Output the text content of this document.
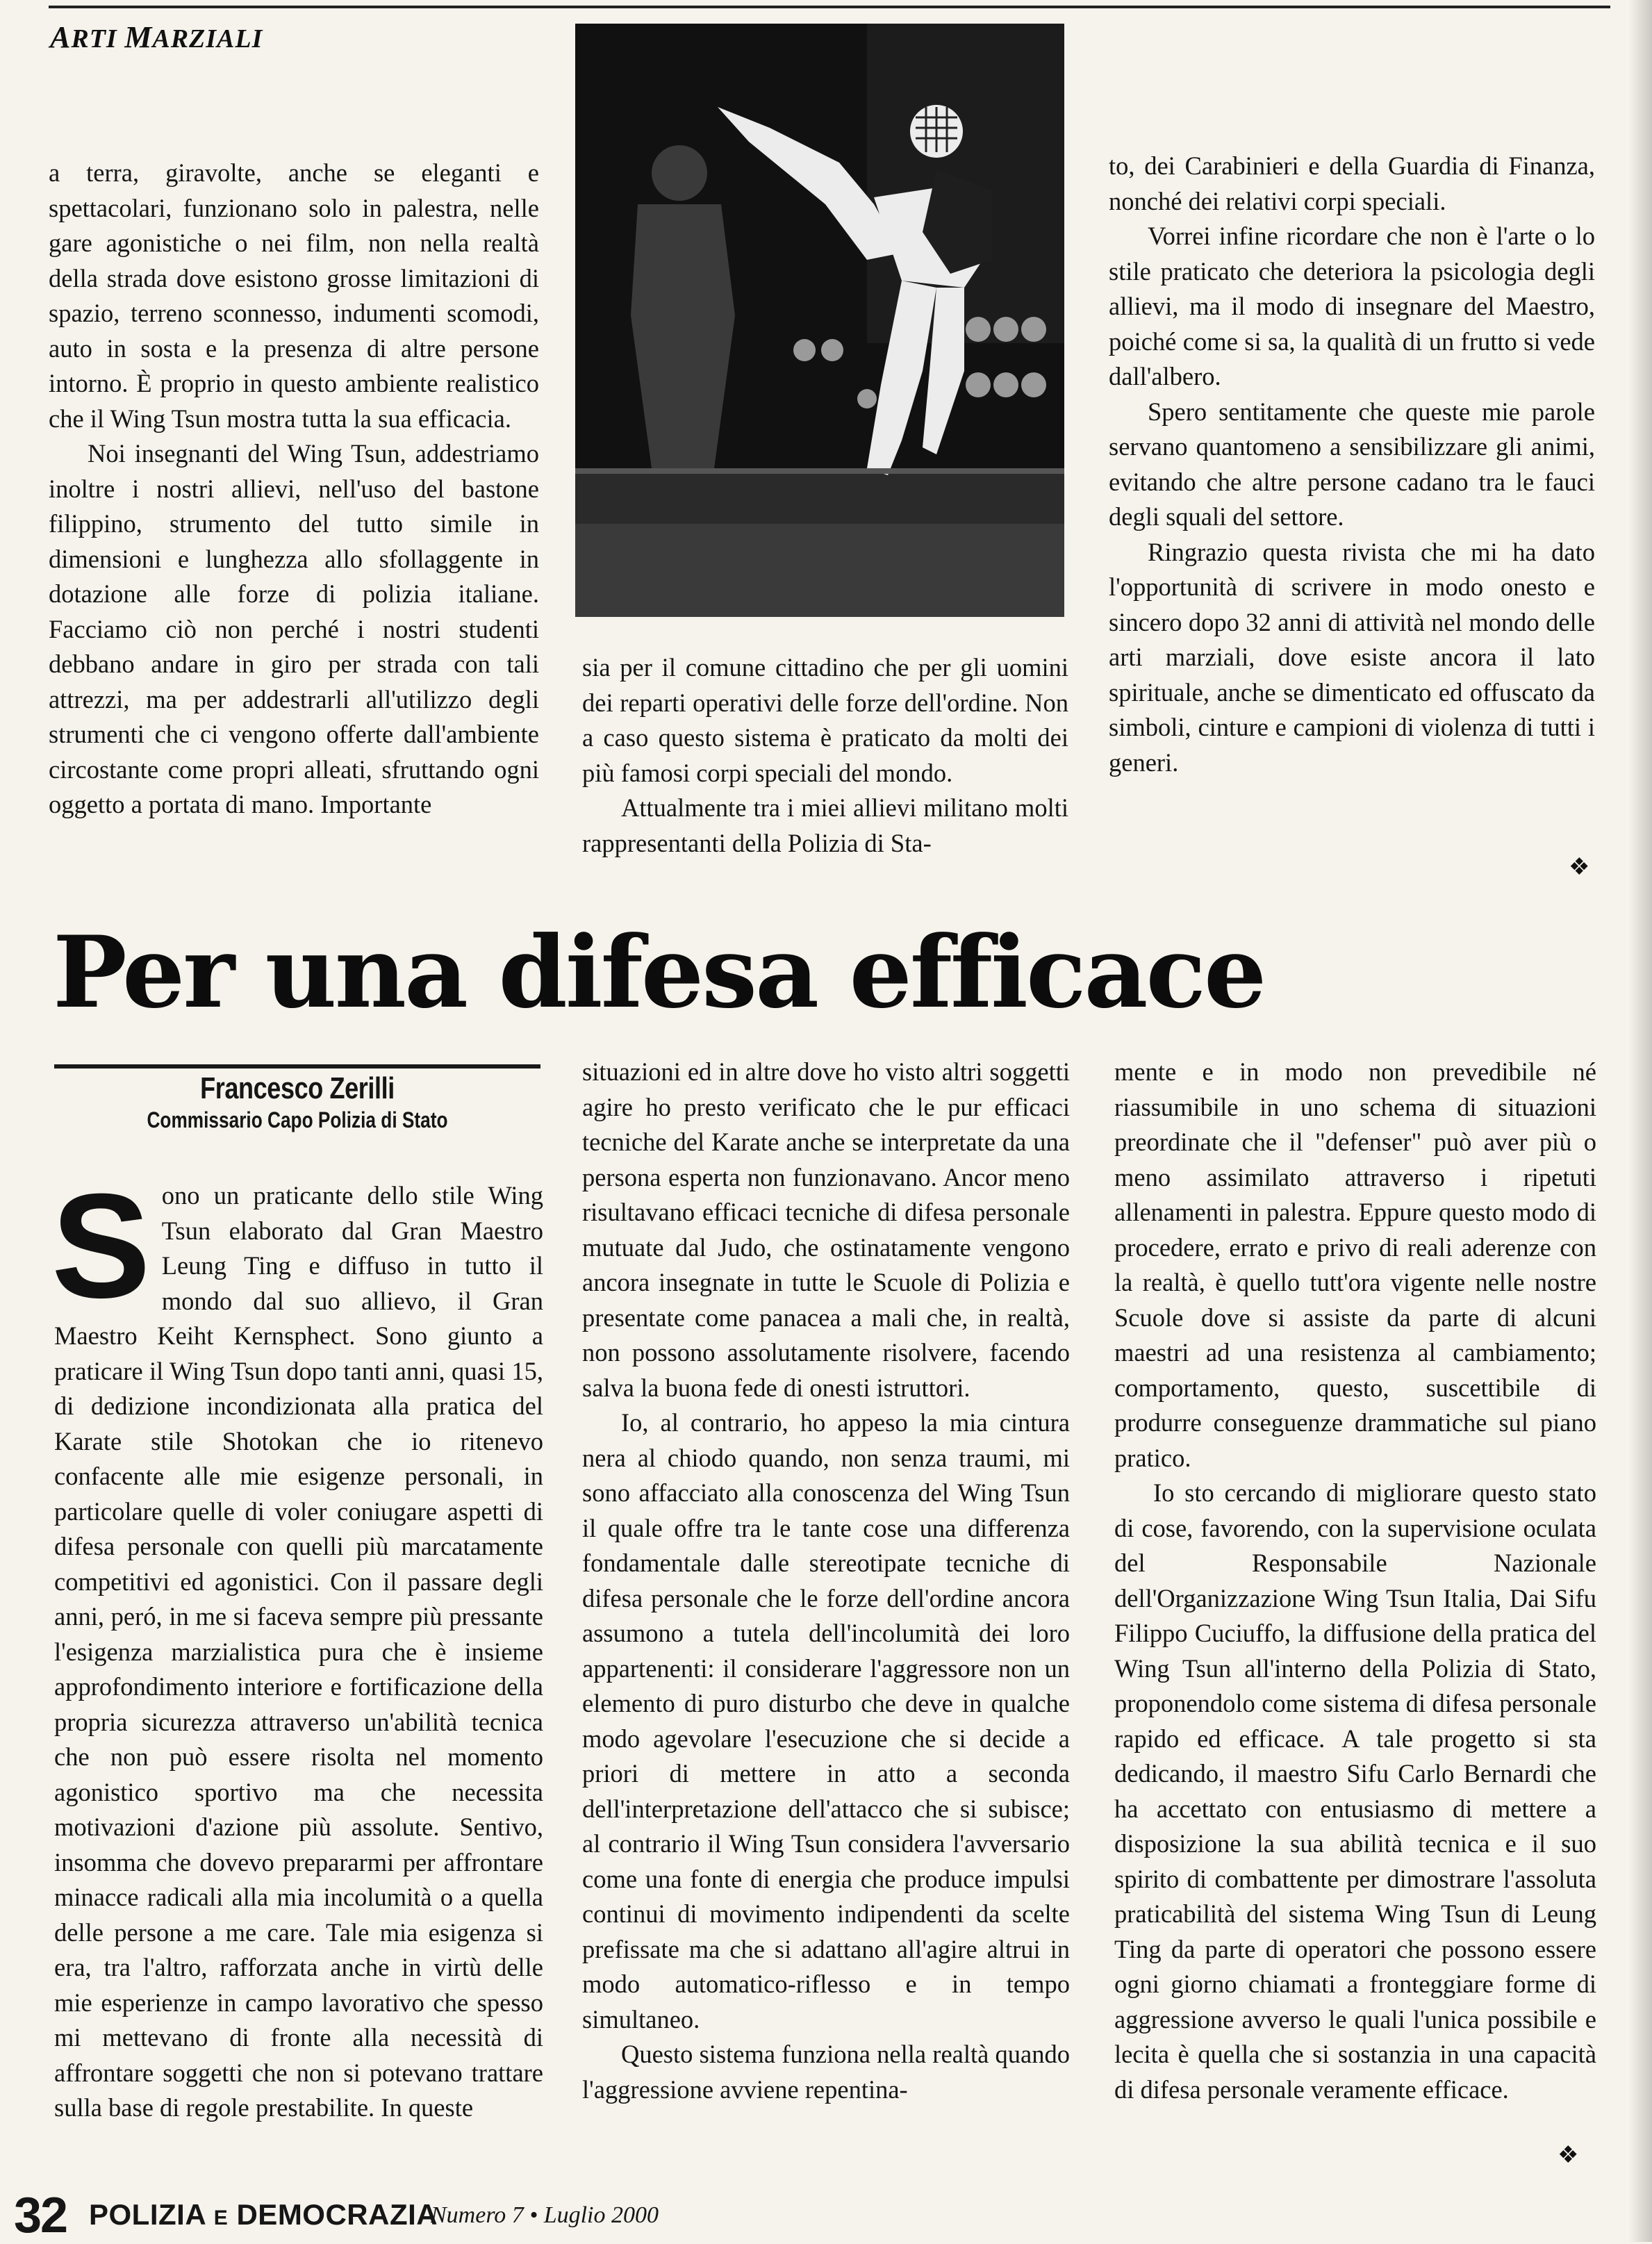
ARTI MARZIALI

a terra, giravolte, anche se eleganti e spettacolari, funzionano solo in palestra, nelle gare agonistiche o nei film, non nella realtà della strada dove esistono grosse limitazioni di spazio, terreno sconnesso, indumenti scomodi, auto in sosta e la presenza di altre persone intorno. È proprio in questo ambiente realistico che il Wing Tsun mostra tutta la sua efficacia.

Noi insegnanti del Wing Tsun, addestriamo inoltre i nostri allievi, nell'uso del bastone filippino, strumento del tutto simile in dimensioni e lunghezza allo sfollaggente in dotazione alle forze di polizia italiane. Facciamo ciò non perché i nostri studenti debbano andare in giro per strada con tali attrezzi, ma per addestrarli all'utilizzo degli strumenti che ci vengono offerte dall'ambiente circostante come propri alleati, sfruttando ogni oggetto a portata di mano. Importante

sia per il comune cittadino che per gli uomini dei reparti operativi delle forze dell'ordine. Non a caso questo sistema è praticato da molti dei più famosi corpi speciali del mondo.

Attualmente tra i miei allievi militano molti rappresentanti della Polizia di Sta-

to, dei Carabinieri e della Guardia di Finanza, nonché dei relativi corpi speciali.

Vorrei infine ricordare che non è l'arte o lo stile praticato che deteriora la psicologia degli allievi, ma il modo di insegnare del Maestro, poiché come si sa, la qualità di un frutto si vede dall'albero.

Spero sentitamente che queste mie parole servano quantomeno a sensibilizzare gli animi, evitando che altre persone cadano tra le fauci degli squali del settore.

Ringrazio questa rivista che mi ha dato l'opportunità di scrivere in modo onesto e sincero dopo 32 anni di attività nel mondo delle arti marziali, dove esiste ancora il lato spirituale, anche se dimenticato ed offuscato da simboli, cinture e campioni di violenza di tutti i generi.

❖
Per una difesa efficace
Francesco Zerilli
Commissario Capo Polizia di Stato

Sono un praticante dello stile Wing Tsun elaborato dal Gran Maestro Leung Ting e diffuso in tutto il mondo dal suo allievo, il Gran Maestro Keiht Kernsphect. Sono giunto a praticare il Wing Tsun dopo tanti anni, quasi 15, di dedizione incondizionata alla pratica del Karate stile Shotokan che io ritenevo confacente alle mie esigenze personali, in particolare quelle di voler coniugare aspetti di difesa personale con quelli più marcatamente competitivi ed agonistici. Con il passare degli anni, peró, in me si faceva sempre più pressante l'esigenza marzialistica pura che è insieme approfondimento interiore e fortificazione della propria sicurezza attraverso un'abilità tecnica che non può essere risolta nel momento agonistico sportivo ma che necessita motivazioni d'azione più assolute. Sentivo, insomma che dovevo prepararmi per affrontare minacce radicali alla mia incolumità o a quella delle persone a me care. Tale mia esigenza si era, tra l'altro, rafforzata anche in virtù delle mie esperienze in campo lavorativo che spesso mi mettevano di fronte alla necessità di affrontare soggetti che non si potevano trattare sulla base di regole prestabilite. In queste

situazioni ed in altre dove ho visto altri soggetti agire ho presto verificato che le pur efficaci tecniche del Karate anche se interpretate da una persona esperta non funzionavano. Ancor meno risultavano efficaci tecniche di difesa personale mutuate dal Judo, che ostinatamente vengono ancora insegnate in tutte le Scuole di Polizia e presentate come panacea a mali che, in realtà, non possono assolutamente risolvere, facendo salva la buona fede di onesti istruttori.

Io, al contrario, ho appeso la mia cintura nera al chiodo quando, non senza traumi, mi sono affacciato alla conoscenza del Wing Tsun il quale offre tra le tante cose una differenza fondamentale dalle stereotipate tecniche di difesa personale che le forze dell'ordine ancora assumono a tutela dell'incolumità dei loro appartenenti: il considerare l'aggressore non un elemento di puro disturbo che deve in qualche modo agevolare l'esecuzione che si decide a priori di mettere in atto a seconda dell'interpretazione dell'attacco che si subisce; al contrario il Wing Tsun considera l'avversario come una fonte di energia che produce impulsi continui di movimento indipendenti da scelte prefissate ma che si adattano all'agire altrui in modo automatico-riflesso e in tempo simultaneo.

Questo sistema funziona nella realtà quando l'aggressione avviene repentina-

mente e in modo non prevedibile né riassumibile in uno schema di situazioni preordinate che il "defenser" può aver più o meno assimilato attraverso i ripetuti allenamenti in palestra. Eppure questo modo di procedere, errato e privo di reali aderenze con la realtà, è quello tutt'ora vigente nelle nostre Scuole dove si assiste da parte di alcuni maestri ad una resistenza al cambiamento; comportamento, questo, suscettibile di produrre conseguenze drammatiche sul piano pratico.

Io sto cercando di migliorare questo stato di cose, favorendo, con la supervisione oculata del Responsabile Nazionale dell'Organizzazione Wing Tsun Italia, Dai Sifu Filippo Cuciuffo, la diffusione della pratica del Wing Tsun all'interno della Polizia di Stato, proponendolo come sistema di difesa personale rapido ed efficace. A tale progetto si sta dedicando, il maestro Sifu Carlo Bernardi che ha accettato con entusiasmo di mettere a disposizione la sua abilità tecnica e il suo spirito di combattente per dimostrare l'assoluta praticabilità del sistema Wing Tsun di Leung Ting da parte di operatori che possono essere ogni giorno chiamati a fronteggiare forme di aggressione avverso le quali l'unica possibile e lecita è quella che si sostanzia in una capacità di difesa personale veramente efficace.

❖
32 POLIZIA E DEMOCRAZIA
Numero 7 • Luglio 2000
